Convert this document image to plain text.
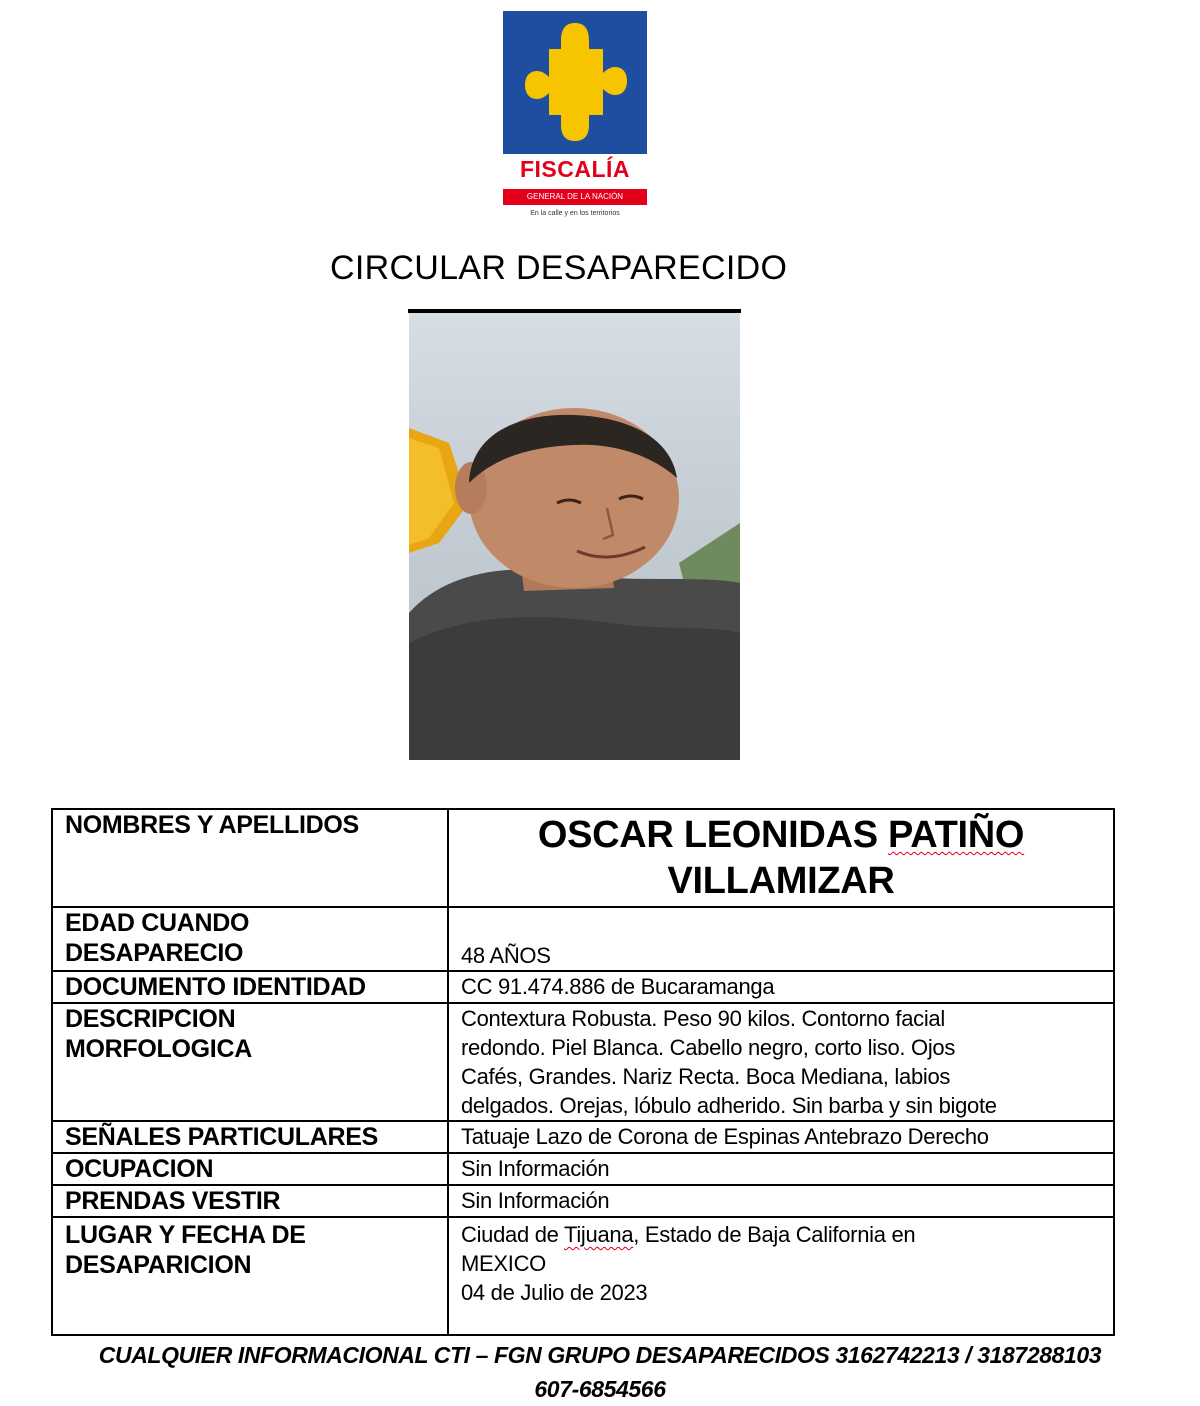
FISCALÍA
GENERAL DE LA NACIÓN
En la calle y en los territorios
CIRCULAR DESAPARECIDO
NOMBRES Y APELLIDOS	OSCAR LEONIDAS PATIÑO
VILLAMIZAR

EDAD CUANDO
DESAPARECIO	48 AÑOS
DOCUMENTO IDENTIDAD	CC 91.474.886 de Bucaramanga
DESCRIPCION
MORFOLOGICA	Contextura Robusta. Peso 90 kilos. Contorno facial
redondo. Piel Blanca. Cabello negro, corto liso. Ojos
Cafés, Grandes. Nariz Recta. Boca Mediana, labios
delgados. Orejas, lóbulo adherido. Sin barba y sin bigote
SEÑALES PARTICULARES	Tatuaje Lazo de Corona de Espinas Antebrazo Derecho
OCUPACION	Sin Información
PRENDAS VESTIR	Sin Información
LUGAR Y FECHA DE
DESAPARICION	Ciudad de Tijuana, Estado de Baja California en
MEXICO
04 de Julio de 2023
CUALQUIER INFORMACIONAL CTI – FGN GRUPO DESAPARECIDOS 3162742213 / 3187288103
607-6854566
